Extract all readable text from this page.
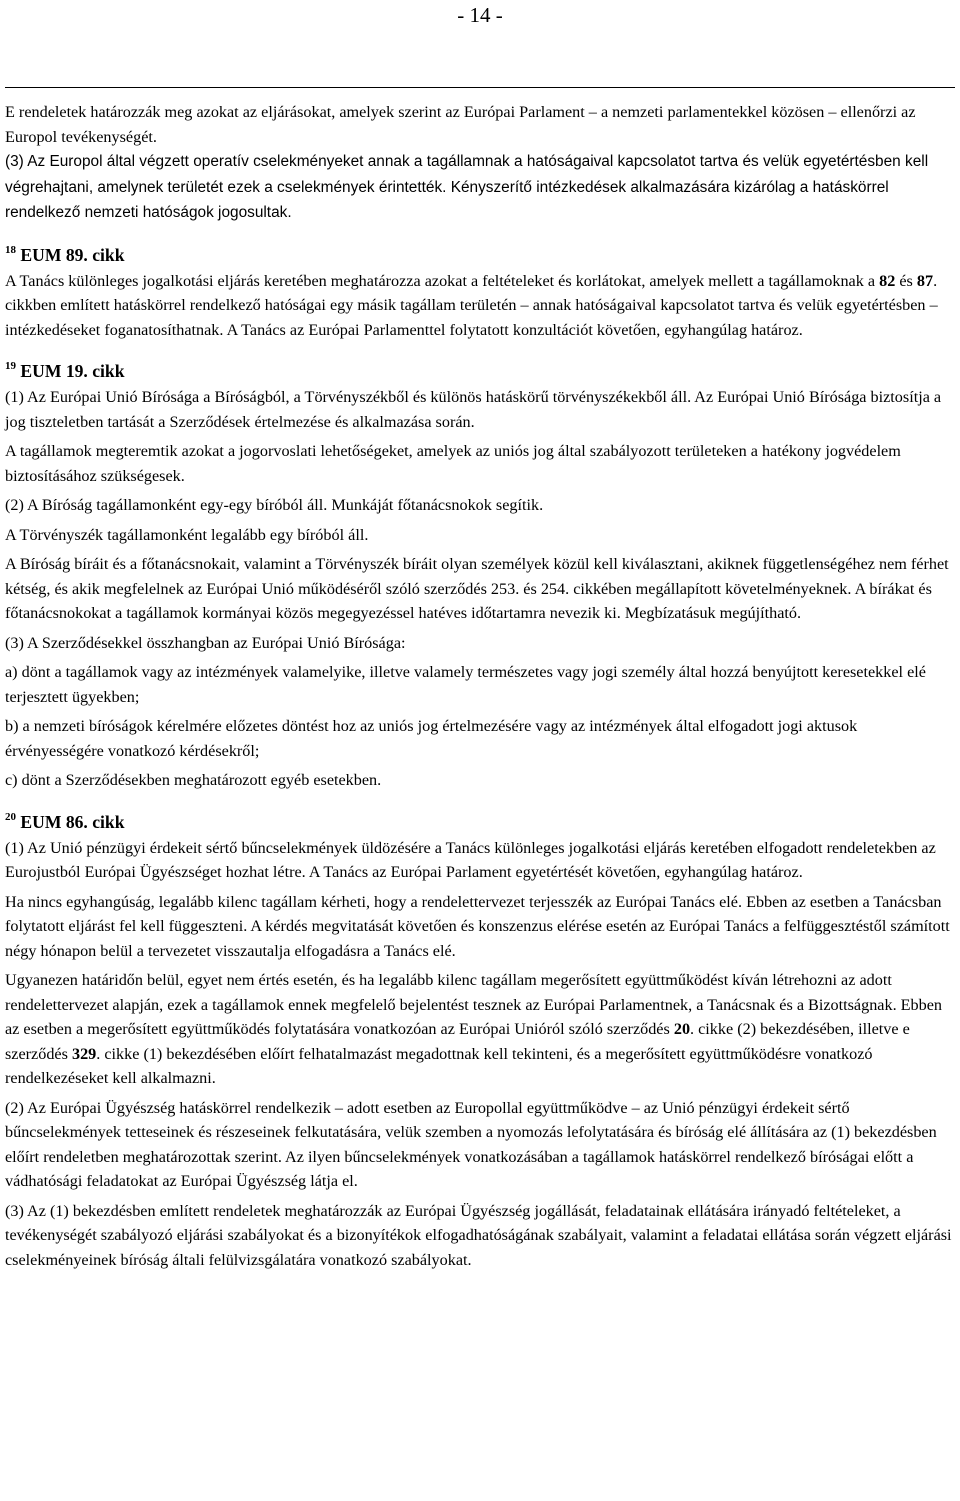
- 14 -

E rendeletek határozzák meg azokat az eljárásokat, amelyek szerint az Európai Parlament – a nemzeti parlamentekkel közösen – ellenőrzi az Europol tevékenységét.

(3) Az Europol által végzett operatív cselekményeket annak a tagállamnak a hatóságaival kapcsolatot tartva és velük egyetértésben kell végrehajtani, amelynek területét ezek a cselekmények érintették. Kényszerítő intézkedések alkalmazására kizárólag a hatáskörrel rendelkező nemzeti hatóságok jogosultak.

$^{18}$ EUM 89. cikk

A Tanács különleges jogalkotási eljárás keretében meghatározza azokat a feltételeket és korlátokat, amelyek mellett a tagállamoknak a 82 és 87. cikkben említett hatáskörrel rendelkező hatóságai egy másik tagállam területén – annak hatóságaival kapcsolatot tartva és velük egyetértésben – intézkedéseket foganatosíthatnak. A Tanács az Európai Parlamenttel folytatott konzultációt követően, egyhangúlag határoz.

$^{19}$ EUM 19. cikk

(1) Az Európai Unió Bírósága a Bíróságból, a Törvényszékből és különös hatáskörű törvényszékekből áll. Az Európai Unió Bírósága biztosítja a jog tiszteletben tartását a Szerződések értelmezése és alkalmazása során.

A tagállamok megteremtik azokat a jogorvoslati lehetőségeket, amelyek az uniós jog által szabályozott területeken a hatékony jogvédelem biztosításához szükségesek.

(2) A Bíróság tagállamonként egy-egy bíróból áll. Munkáját főtanácsnokok segítik.

A Törvényszék tagállamonként legalább egy bíróból áll.

A Bíróság bíráit és a főtanácsnokait, valamint a Törvényszék bíráit olyan személyek közül kell kiválasztani, akiknek függetlenségéhez nem férhet kétség, és akik megfelelnek az Európai Unió működéséről szóló szerződés 253. és 254. cikkében megállapított követelményeknek. A bírákat és főtanácsnokokat a tagállamok kormányai közös megegyezéssel hatéves időtartamra nevezik ki. Megbízatásuk megújítható.

(3) A Szerződésekkel összhangban az Európai Unió Bírósága:

a) dönt a tagállamok vagy az intézmények valamelyike, illetve valamely természetes vagy jogi személy által hozzá benyújtott keresetekkel elé terjesztett ügyekben;

b) a nemzeti bíróságok kérelmére előzetes döntést hoz az uniós jog értelmezésére vagy az intézmények által elfogadott jogi aktusok érvényességére vonatkozó kérdésekről;

c) dönt a Szerződésekben meghatározott egyéb esetekben.

$^{20}$ EUM 86. cikk

(1) Az Unió pénzügyi érdekeit sértő bűncselekmények üldözésére a Tanács különleges jogalkotási eljárás keretében elfogadott rendeletekben az Eurojustból Európai Ügyészséget hozhat létre. A Tanács az Európai Parlament egyetértését követően, egyhangúlag határoz.

Ha nincs egyhangúság, legalább kilenc tagállam kérheti, hogy a rendelettervezet terjesszék az Európai Tanács elé. Ebben az esetben a Tanácsban folytatott eljárást fel kell függeszteni. A kérdés megvitatását követően és konszenzus elérése esetén az Európai Tanács a felfüggesztéstől számított négy hónapon belül a tervezetet visszautalja elfogadásra a Tanács elé.

Ugyanezen határidőn belül, egyet nem értés esetén, és ha legalább kilenc tagállam megerősített együttműködést kíván létrehozni az adott rendelettervezet alapján, ezek a tagállamok ennek megfelelő bejelentést tesznek az Európai Parlamentnek, a Tanácsnak és a Bizottságnak. Ebben az esetben a megerősített együttműködés folytatására vonatkozóan az Európai Unióról szóló szerződés 20. cikke (2) bekezdésében, illetve e szerződés 329. cikke (1) bekezdésében előírt felhatalmazást megadottnak kell tekinteni, és a megerősített együttműködésre vonatkozó rendelkezéseket kell alkalmazni.

(2) Az Európai Ügyészség hatáskörrel rendelkezik – adott esetben az Europollal együttműködve – az Unió pénzügyi érdekeit sértő bűncselekmények tetteseinek és részeseinek felkutatására, velük szemben a nyomozás lefolytatására és bíróság elé állítására az (1) bekezdésben előírt rendeletben meghatározottak szerint. Az ilyen bűncselekmények vonatkozásában a tagállamok hatáskörrel rendelkező bíróságai előtt a vádhatósági feladatokat az Európai Ügyészség látja el.

(3) Az (1) bekezdésben említett rendeletek meghatározzák az Európai Ügyészség jogállását, feladatainak ellátására irányadó feltételeket, a tevékenységét szabályozó eljárási szabályokat és a bizonyítékok elfogadhatóságának szabályait, valamint a feladatai ellátása során végzett eljárási cselekményeinek bíróság általi felülvizsgálatára vonatkozó szabályokat.
